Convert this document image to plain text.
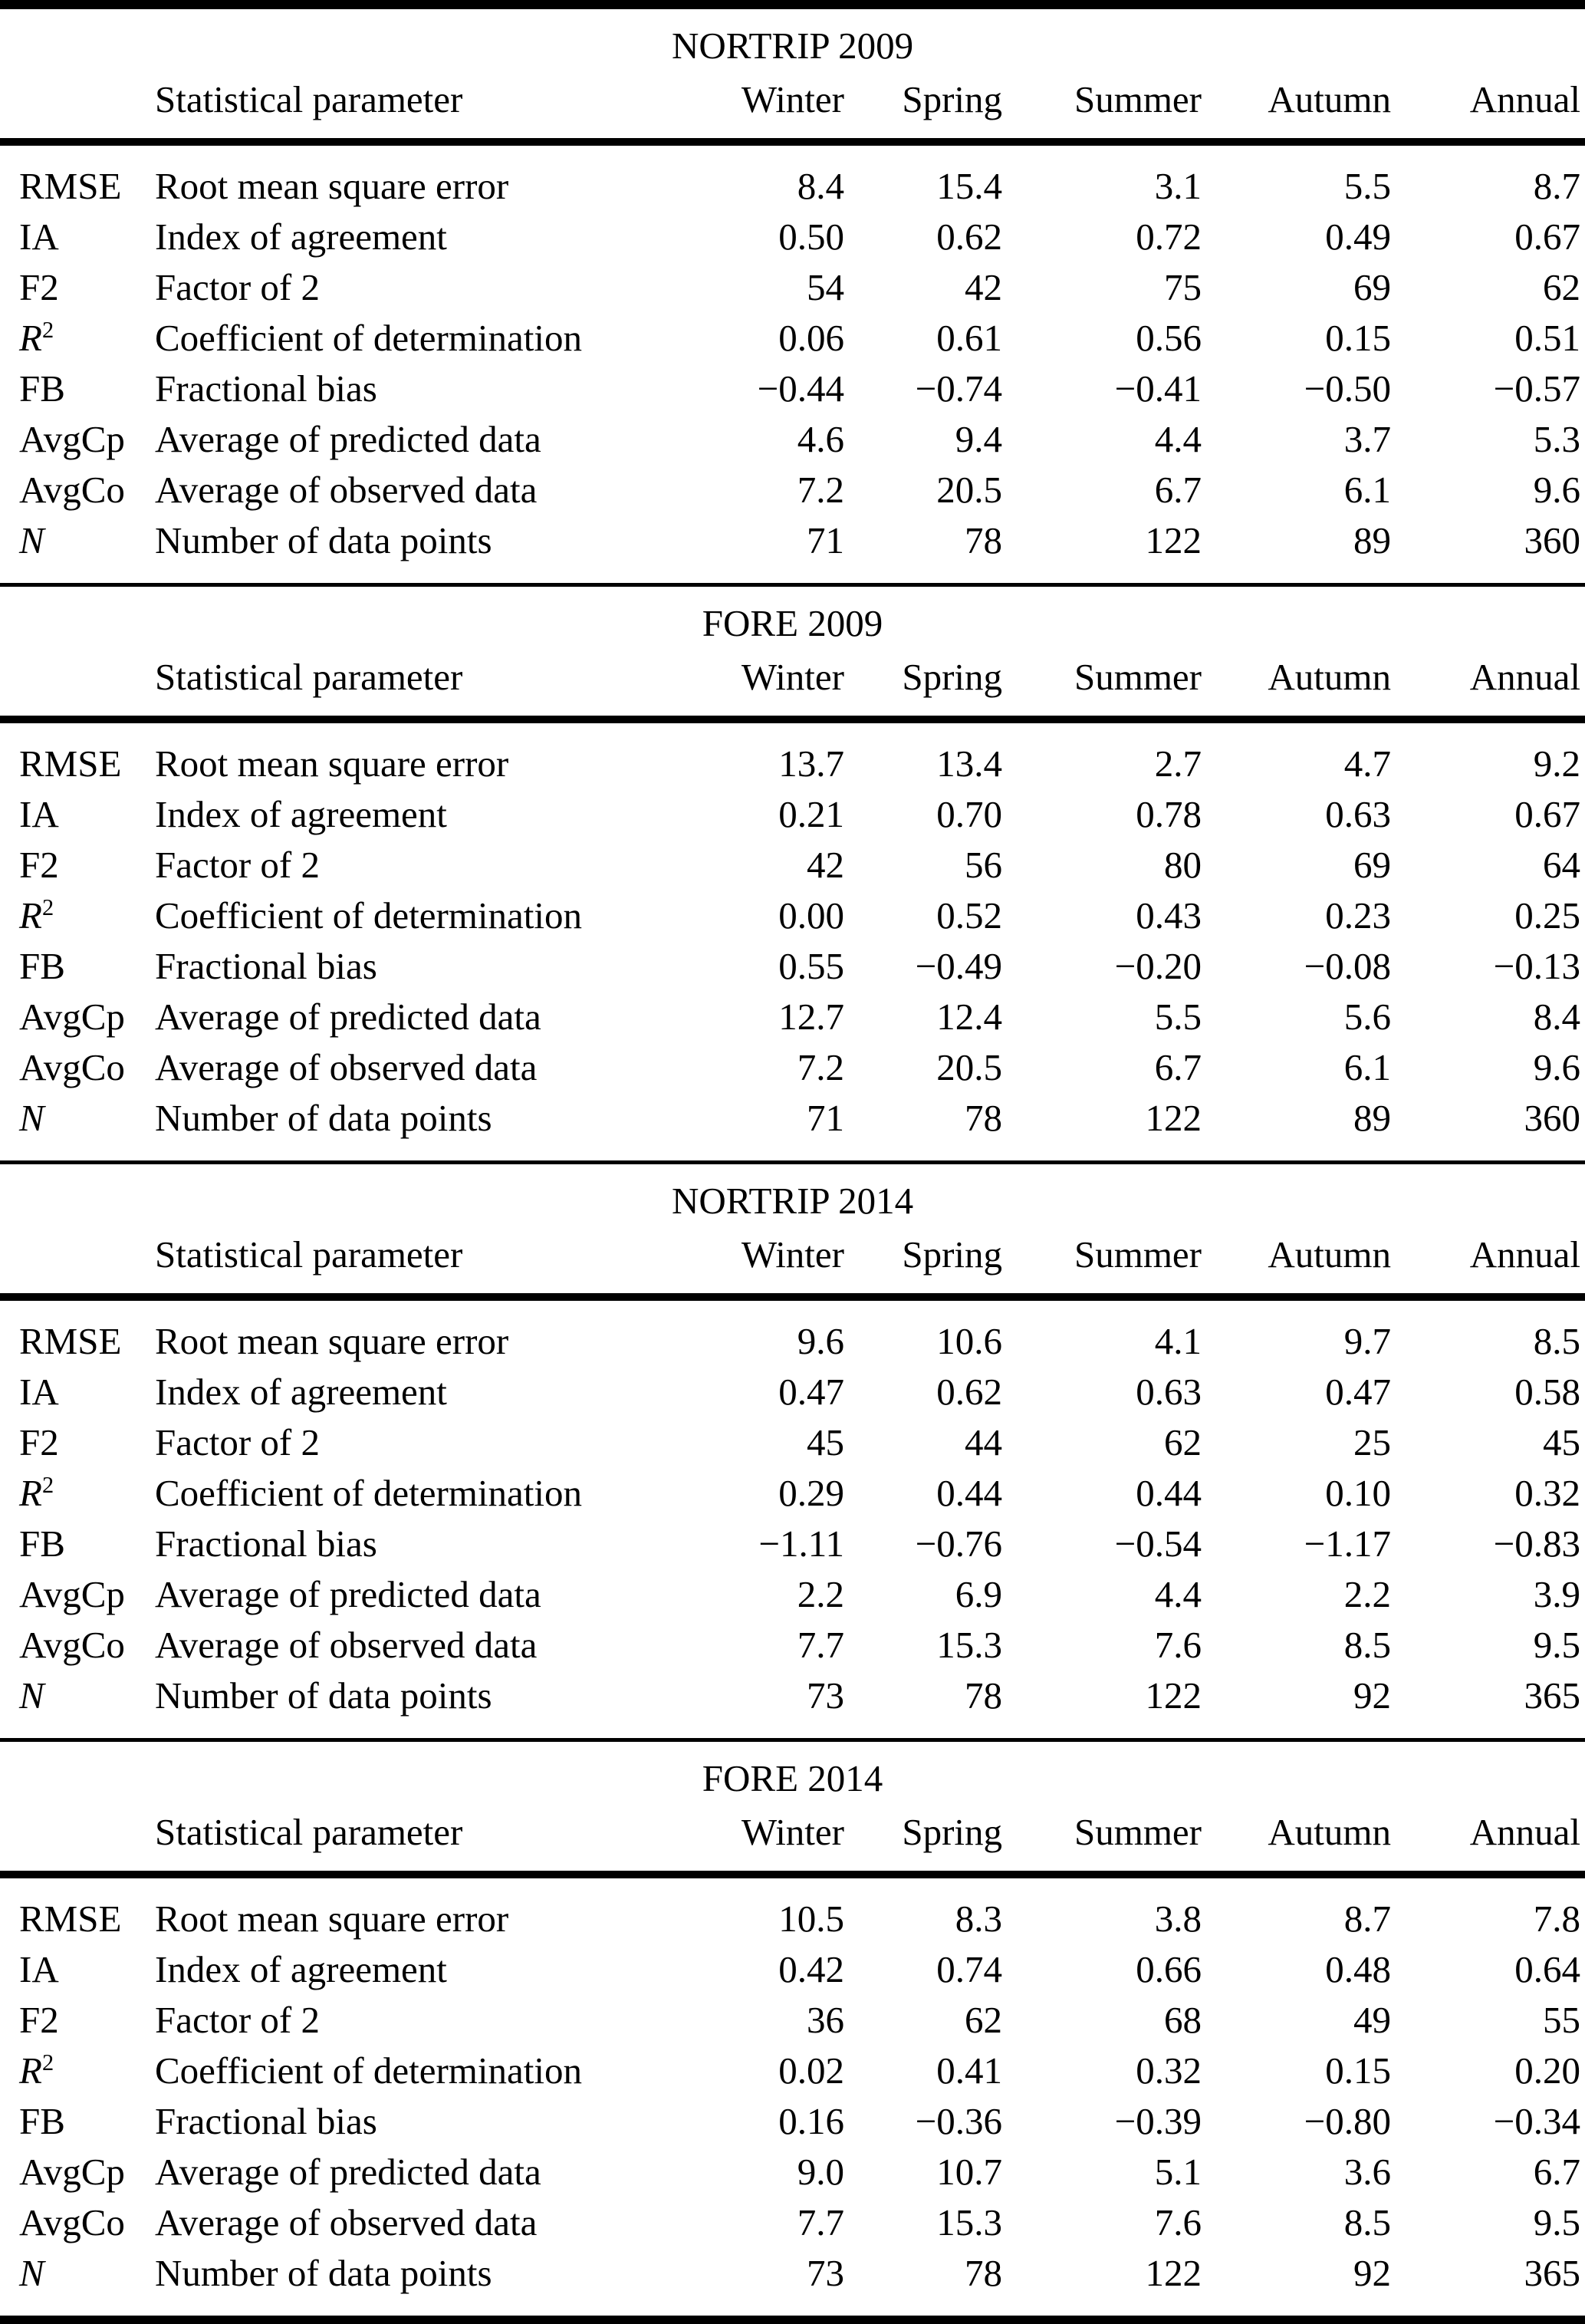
NORTRIP 2009						
	Statistical parameter	Winter	Spring	Summer	Autumn	Annual
RMSE	Root mean square error	8.4	15.4	3.1	5.5	8.7
IA	Index of agreement	0.50	0.62	0.72	0.49	0.67
F2	Factor of 2	54	42	75	69	62
$R^2$	Coefficient of determination	0.06	0.61	0.56	0.15	0.51
FB	Fractional bias	−0.44	−0.74	−0.41	−0.50	−0.57
AvgCp	Average of predicted data	4.6	9.4	4.4	3.7	5.3
AvgCo	Average of observed data	7.2	20.5	6.7	6.1	9.6
N	Number of data points	71	78	122	89	360
FORE 2009						
	Statistical parameter	Winter	Spring	Summer	Autumn	Annual
RMSE	Root mean square error	13.7	13.4	2.7	4.7	9.2
IA	Index of agreement	0.21	0.70	0.78	0.63	0.67
F2	Factor of 2	42	56	80	69	64
$R^2$	Coefficient of determination	0.00	0.52	0.43	0.23	0.25
FB	Fractional bias	0.55	−0.49	−0.20	−0.08	−0.13
AvgCp	Average of predicted data	12.7	12.4	5.5	5.6	8.4
AvgCo	Average of observed data	7.2	20.5	6.7	6.1	9.6
N	Number of data points	71	78	122	89	360
NORTRIP 2014						
	Statistical parameter	Winter	Spring	Summer	Autumn	Annual
RMSE	Root mean square error	9.6	10.6	4.1	9.7	8.5
IA	Index of agreement	0.47	0.62	0.63	0.47	0.58
F2	Factor of 2	45	44	62	25	45
$R^2$	Coefficient of determination	0.29	0.44	0.44	0.10	0.32
FB	Fractional bias	−1.11	−0.76	−0.54	−1.17	−0.83
AvgCp	Average of predicted data	2.2	6.9	4.4	2.2	3.9
AvgCo	Average of observed data	7.7	15.3	7.6	8.5	9.5
N	Number of data points	73	78	122	92	365
FORE 2014						
	Statistical parameter	Winter	Spring	Summer	Autumn	Annual
RMSE	Root mean square error	10.5	8.3	3.8	8.7	7.8
IA	Index of agreement	0.42	0.74	0.66	0.48	0.64
F2	Factor of 2	36	62	68	49	55
$R^2$	Coefficient of determination	0.02	0.41	0.32	0.15	0.20
FB	Fractional bias	0.16	−0.36	−0.39	−0.80	−0.34
AvgCp	Average of predicted data	9.0	10.7	5.1	3.6	6.7
AvgCo	Average of observed data	7.7	15.3	7.6	8.5	9.5
N	Number of data points	73	78	122	92	365
